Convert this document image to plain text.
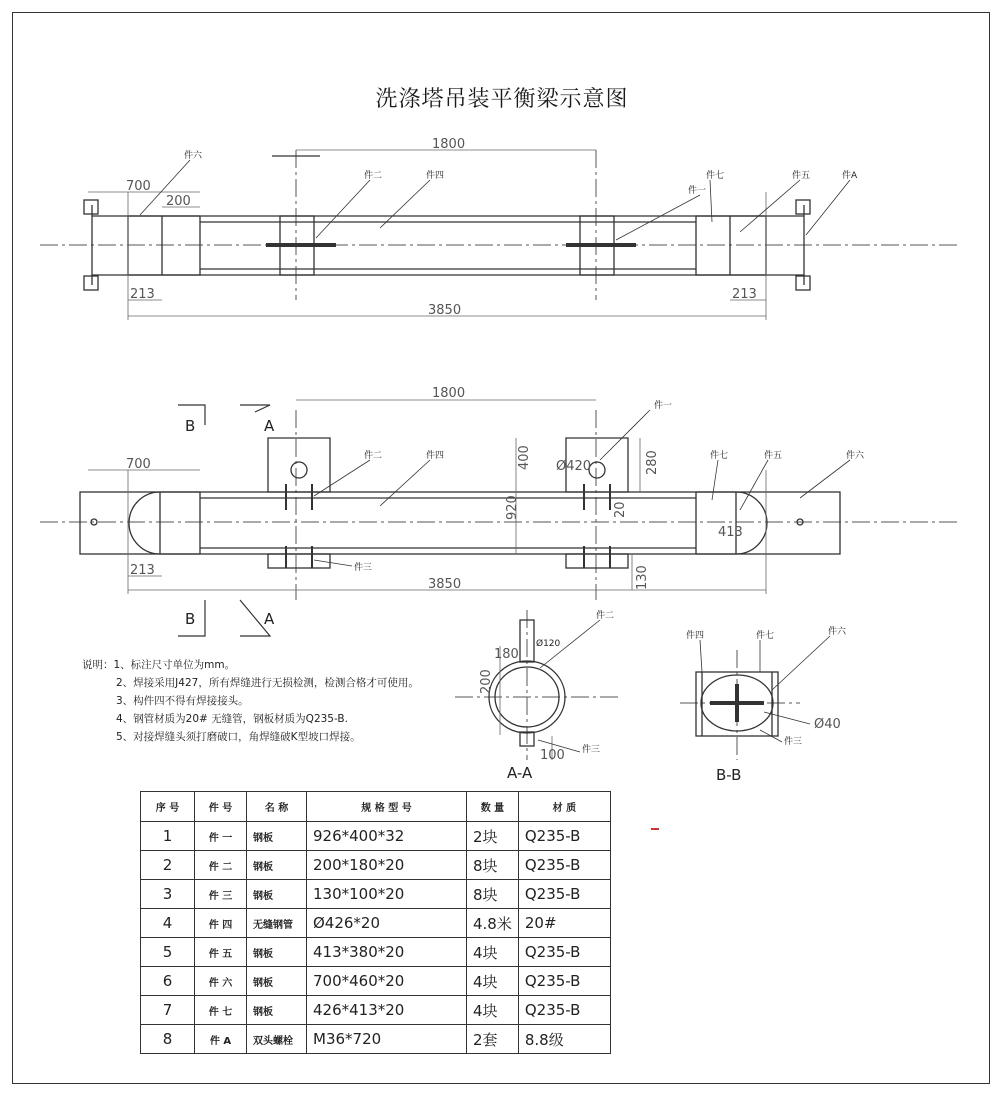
洗涤塔吊装平衡梁示意图
1800
700
200
213	213
3850
件六
件二	件四
件一
件七	件五	件A
1800
700
213
3850
400 Ø420	280
920	20
413
130
件二	件四
件一
件七	件五	件六
件三
B	A
B	A
Ø120
180
200
100
件二
件三
A-A
件四	件七	件六
Ø40
件三
B-B
说明：1、标注尺寸单位为mm。
2、焊接采用J427，所有焊缝进行无损检测，检测合格才可使用。
3、构件四不得有焊接接头。
4、钢管材质为20# 无缝管，钢板材质为Q235-B.
5、对接焊缝头须打磨破口，角焊缝破K型坡口焊接。
序 号	件 号	名 称	规 格 型 号	数 量	材 质
1	件 一	钢板	926*400*32	2块	Q235-B
2	件 二	钢板	200*180*20	8块	Q235-B
3	件 三	钢板	130*100*20	8块	Q235-B
4	件 四	无缝钢管	Ø426*20	4.8米	20#
5	件 五	钢板	413*380*20	4块	Q235-B
6	件 六	钢板	700*460*20	4块	Q235-B
7	件 七	钢板	426*413*20	4块	Q235-B
8	件 A	双头螺栓	M36*720	2套	8.8级
